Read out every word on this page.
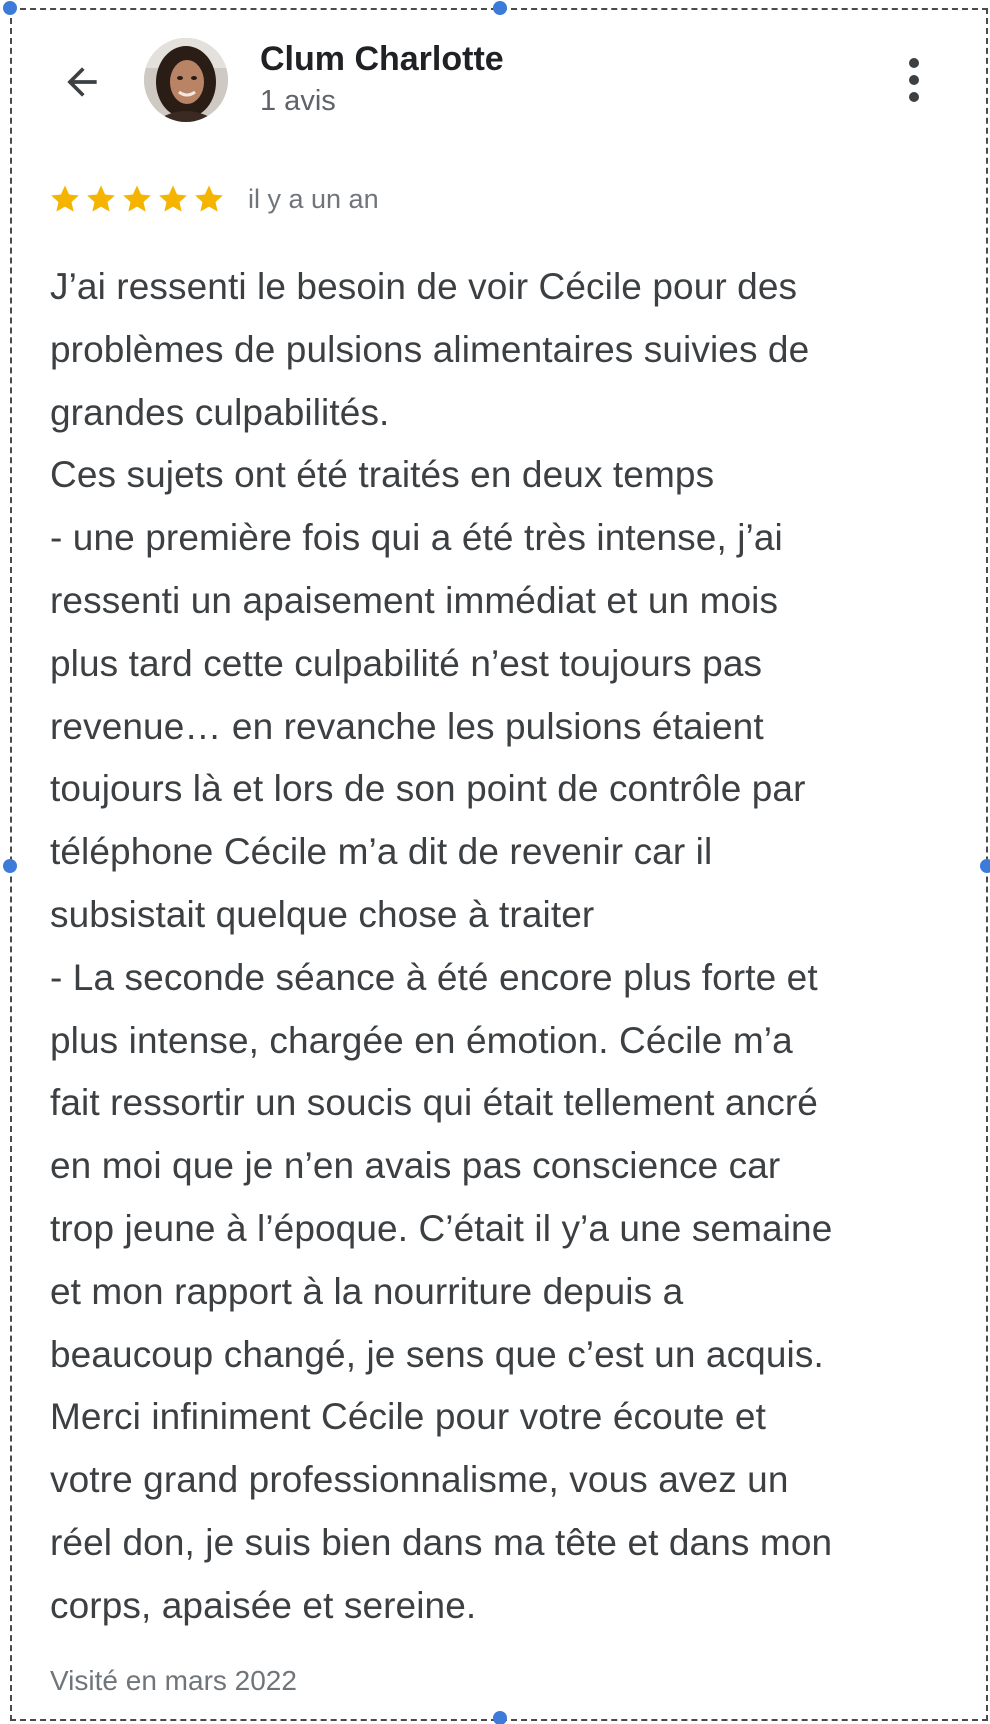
Clum Charlotte
1 avis
il y a un an
J’ai ressenti le besoin de voir Cécile pour des
problèmes de pulsions alimentaires suivies de
grandes culpabilités.
Ces sujets ont été traités en deux temps
- une première fois qui a été très intense, j’ai
ressenti un apaisement immédiat et un mois
plus tard cette culpabilité n’est toujours pas
revenue… en revanche les pulsions étaient
toujours là et lors de son point de contrôle par
téléphone Cécile m’a dit de revenir car il
subsistait quelque chose à traiter
- La seconde séance à été encore plus forte et
plus intense, chargée en émotion. Cécile m’a
fait ressortir un soucis qui était tellement ancré
en moi que je n’en avais pas conscience car
trop jeune à l’époque. C’était il y’a une semaine
et mon rapport à la nourriture depuis a
beaucoup changé, je sens que c’est un acquis.
Merci infiniment Cécile pour votre écoute et
votre grand professionnalisme, vous avez un
réel don, je suis bien dans ma tête et dans mon
corps, apaisée et sereine.
Visité en mars 2022
